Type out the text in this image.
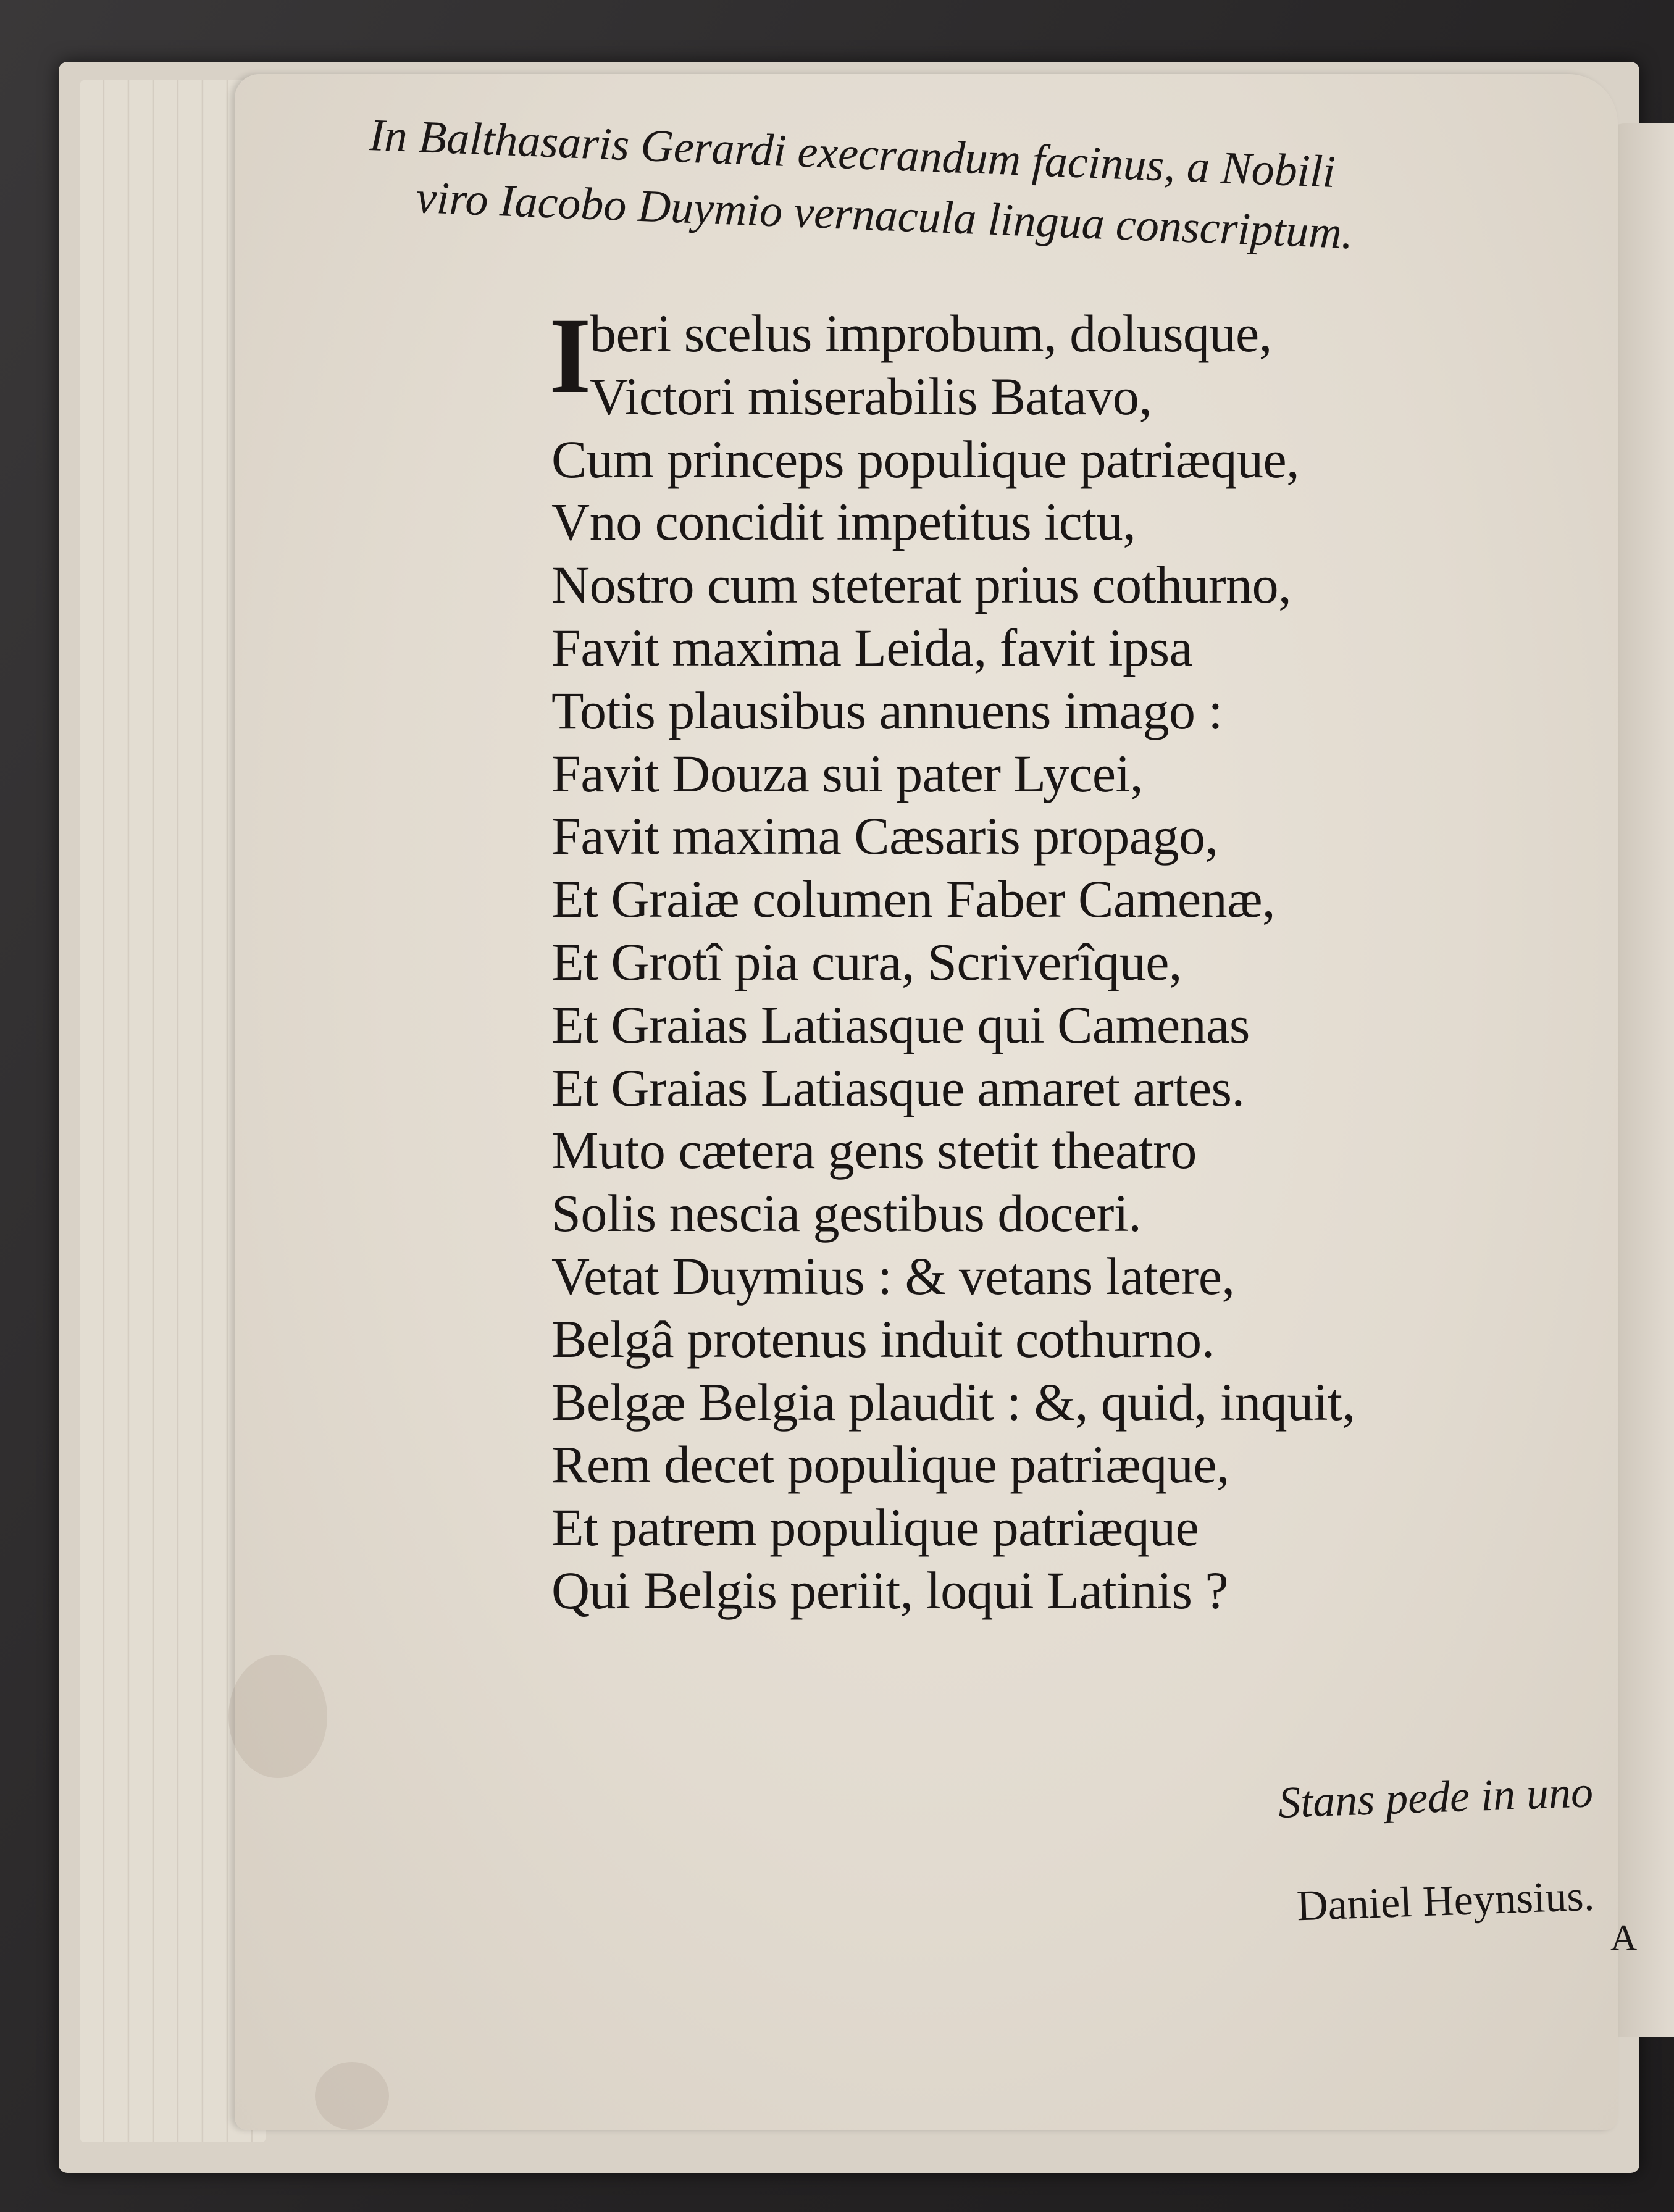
In Balthasaris Gerardi execrandum facinus, a Nobili
viro Iacobo Duymio vernacula lingua conscriptum.
I
beri scelus improbum, dolusque,
Victori miserabilis Batavo,
Cum princeps populique patriæque,
Vno concidit impetitus ictu,
Nostro cum steterat prius cothurno,
Favit maxima Leida, favit ipsa
Totis plausibus annuens imago :
Favit Douza sui pater Lycei,
Favit maxima Cæsaris propago,
Et Graiæ columen Faber Camenæ,
Et Grotî pia cura, Scriverîque,
Et Graias Latiasque qui Camenas
Et Graias Latiasque amaret artes.
Muto cætera gens stetit theatro
Solis nescia gestibus doceri.
Vetat Duymius : & vetans latere,
Belgâ protenus induit cothurno.
Belgæ Belgia plaudit : &, quid, inquit,
Rem decet populique patriæque,
Et patrem populique patriæque
Qui Belgis periit, loqui Latinis ?
Stans pede in uno
Daniel Heynsius.
A
